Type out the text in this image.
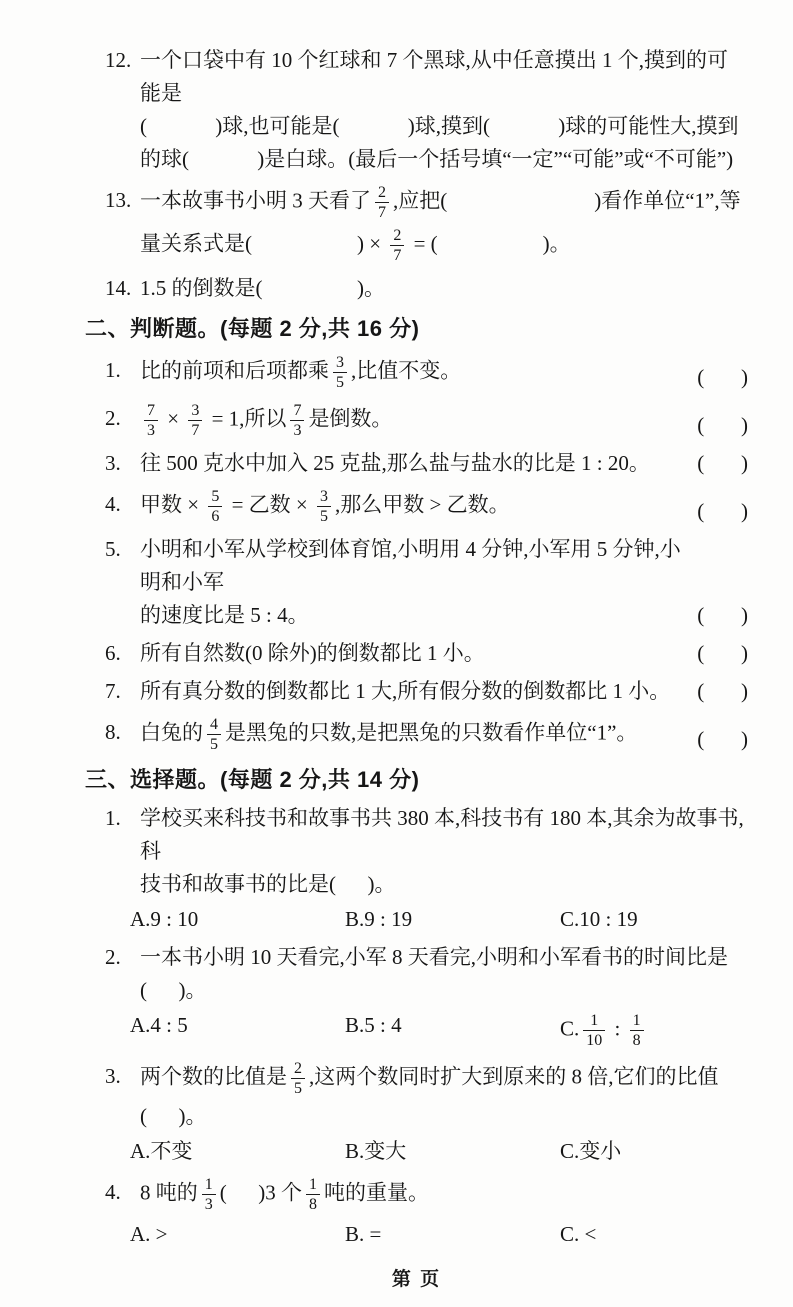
12. 一个口袋中有 10 个红球和 7 个黑球,从中任意摸出 1 个,摸到的可能是
(             )球,也可能是(             )球,摸到(             )球的可能性大,摸到
的球(             )是白球。(最后一个括号填“一定”“可能”或“不可能”)
13. 一本故事书小明 3 天看了 $\frac{2}{7}$ ,应把(                            )看作单位“1”,等
量关系式是(                    ) × $\frac{2}{7}$ = (                    )。
14. 1.5 的倒数是(                  )。
二、判断题。(每题 2 分,共 16 分)
1. 比的前项和后项都乘 $\frac{3}{5}$ ,比值不变。	(       )
2. $\frac{7}{3} \times \frac{3}{7} = 1$,所以 $\frac{7}{3}$ 是倒数。	(       )
3. 往 500 克水中加入 25 克盐,那么盐与盐水的比是 1 : 20。	(       )
4. 甲数 × $\frac{5}{6}$ = 乙数 × $\frac{3}{5}$ ,那么甲数 > 乙数。	(       )
5. 小明和小军从学校到体育馆,小明用 4 分钟,小军用 5 分钟,小明和小军
的速度比是 5 : 4。	(       )
6. 所有自然数(0 除外)的倒数都比 1 小。	(       )
7. 所有真分数的倒数都比 1 大,所有假分数的倒数都比 1 小。	(       )
8. 白兔的 $\frac{4}{5}$ 是黑兔的只数,是把黑兔的只数看作单位“1”。	(       )
三、选择题。(每题 2 分,共 14 分)
1. 学校买来科技书和故事书共 380 本,科技书有 180 本,其余为故事书,科
技书和故事书的比是(      )。
A.9 : 10	B.9 : 19	C.10 : 19
2. 一本书小明 10 天看完,小军 8 天看完,小明和小军看书的时间比是
(      )。
A.4 : 5	B.5 : 4	C. $\frac{1}{10}$ : $\frac{1}{8}$
3. 两个数的比值是 $\frac{2}{5}$ ,这两个数同时扩大到原来的 8 倍,它们的比值
(      )。
A.不变	B.变大	C.变小
4. 8 吨的 $\frac{1}{3}$ (      )3 个 $\frac{1}{8}$ 吨的重量。
A. >	B. =	C. <
第 页
